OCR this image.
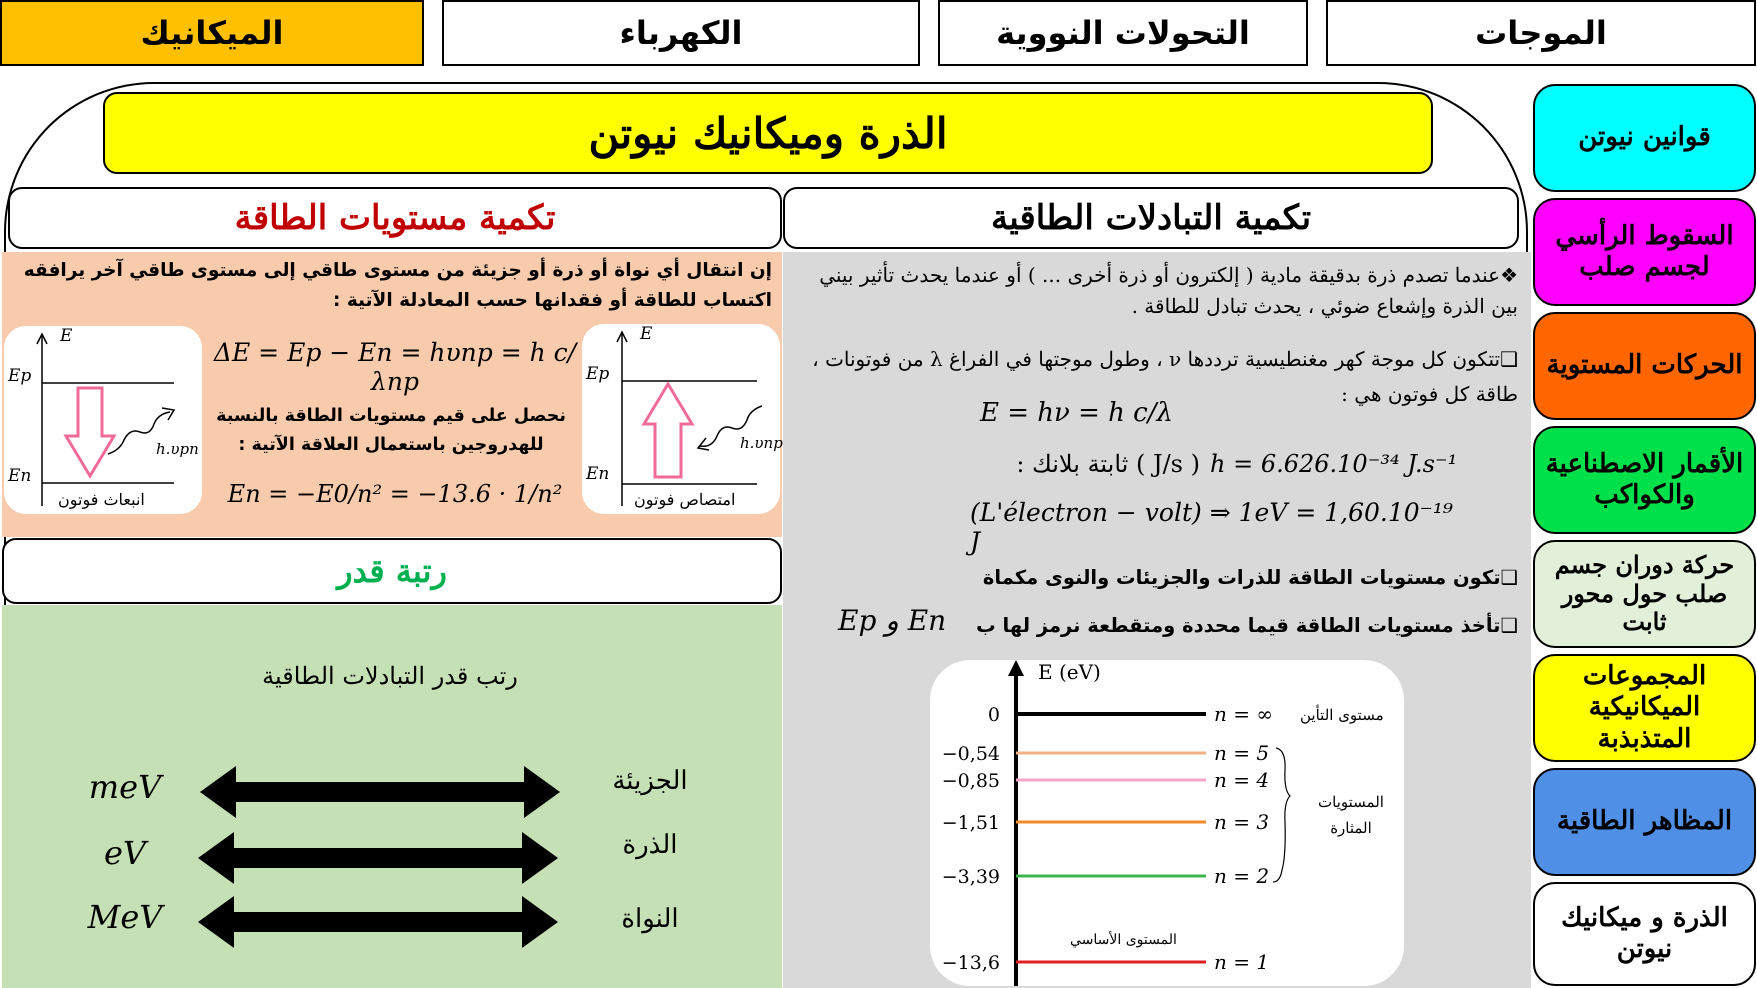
الموجات
التحولات النووية
الكهرباء
الميكانيك
قوانين نيوتن
السقوط الرأسي لجسم صلب
الحركات المستوية
الأقمار الاصطناعية والكواكب
حركة دوران جسم صلب حول محور ثابت
المجموعات الميكانيكية المتذبذبة
المظاهر الطاقية
الذرة و ميكانيك نيوتن
الذرة وميكانيك نيوتن
تكمية مستويات الطاقة	تكمية التبادلات الطاقية
إن انتقال أي نواة أو ذرة أو جزيئة من مستوى طاقي إلى مستوى طاقي آخر يرافقه اكتساب للطاقة أو فقدانها حسب المعادلة الآتية :
E
Ep
En
h.υnp
امتصاص فوتون
E
Ep
En
h.υpn
انبعاث فوتون
ΔE = Ep − En = hυnp = h c/λnp
نحصل على قيم مستويات الطاقة بالنسبة للهدروجين باستعمال العلاقة الآتية :
En = −E0/n² = −13.6 · 1/n²
رتبة قدر
رتب قدر التبادلات الطاقية
meV	الجزيئة
eV	الذرة
MeV	النواة
❖عندما تصدم ذرة بدقيقة مادية ( إلكترون أو ذرة أخرى ... ) أو عندما يحدث تأثير بيني بين الذرة وإشعاع ضوئي ، يحدث تبادل للطاقة .
❑تتكون كل موجة كهر مغنطيسية ترددها ν ، وطول موجتها في الفراغ λ من فوتونات ، طاقة كل فوتون هي :
E = hν = h c/λ
( J/s ) ثابتة بلانك : h = 6.626.10⁻³⁴ J.s⁻¹
(L'électron − volt) ⇒ 1eV = 1,60.10⁻¹⁹ J
❑تكون مستويات الطاقة للذرات والجزيئات والنوى مكماة
❑تأخذ مستويات الطاقة قيما محددة ومتقطعة نرمز لها ب
Ep و En
0	n = ∞
−0,54	n = 5
−0,85	n = 4
−1,51	n = 3
−3,39	n = 2
−13,6	n = 1
E (eV)
مستوى التأين
المستويات المثارة
المستوى الأساسي
